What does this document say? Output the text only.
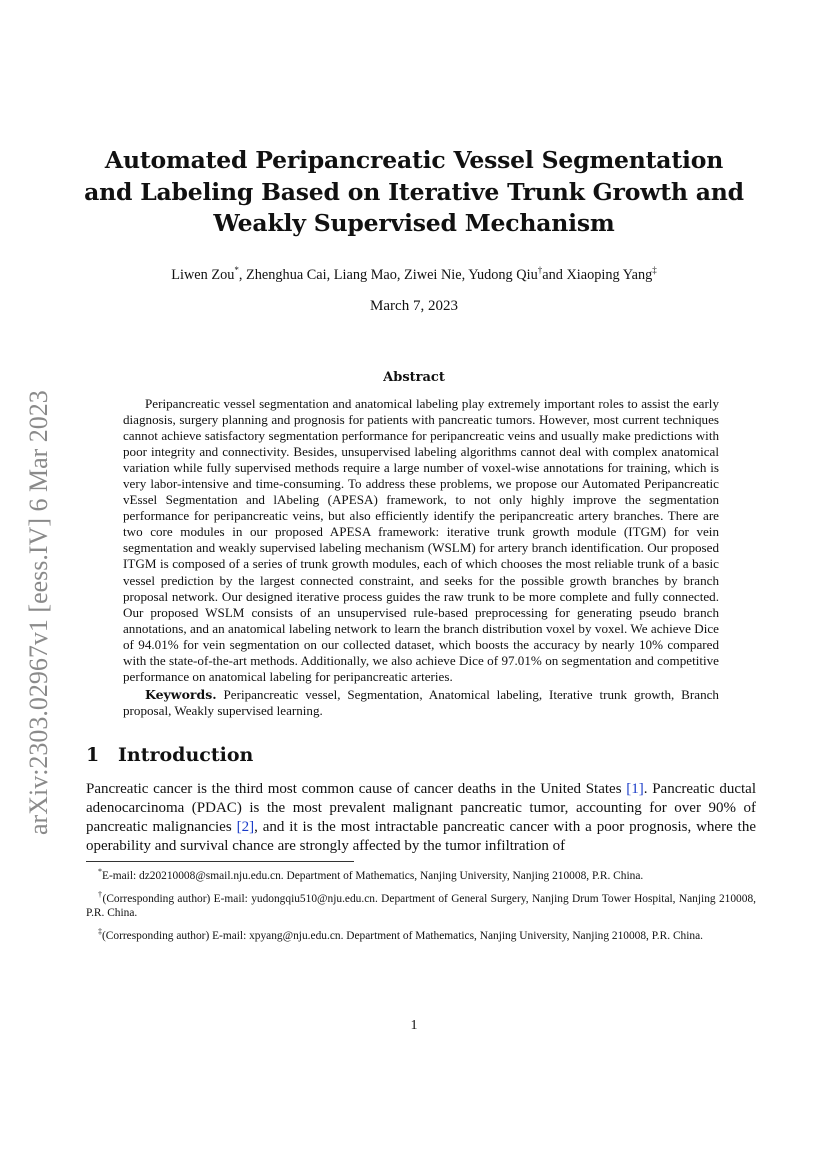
arXiv:2303.02967v1 [eess.IV] 6 Mar 2023
Automated Peripancreatic Vessel Segmentation and Labeling Based on Iterative Trunk Growth and Weakly Supervised Mechanism
Liwen Zou*, Zhenghua Cai, Liang Mao, Ziwei Nie, Yudong Qiu†and Xiaoping Yang‡
March 7, 2023
Abstract
Peripancreatic vessel segmentation and anatomical labeling play extremely important roles to assist the early diagnosis, surgery planning and prognosis for patients with pancreatic tumors. However, most current techniques cannot achieve satisfactory segmentation performance for peripancreatic veins and usually make predictions with poor integrity and connectivity. Besides, unsupervised labeling algorithms cannot deal with complex anatomical variation while fully supervised methods require a large number of voxel-wise annotations for training, which is very labor-intensive and time-consuming. To address these problems, we propose our Automated Peripancreatic vEssel Segmentation and lAbeling (APESA) framework, to not only highly improve the segmentation performance for peripancreatic veins, but also efficiently identify the peripancreatic artery branches. There are two core modules in our proposed APESA framework: iterative trunk growth module (ITGM) for vein segmentation and weakly supervised labeling mechanism (WSLM) for artery branch identification. Our proposed ITGM is composed of a series of trunk growth modules, each of which chooses the most reliable trunk of a basic vessel prediction by the largest connected constraint, and seeks for the possible growth branches by branch proposal network. Our designed iterative process guides the raw trunk to be more complete and fully connected. Our proposed WSLM consists of an unsupervised rule-based preprocessing for generating pseudo branch annotations, and an anatomical labeling network to learn the branch distribution voxel by voxel. We achieve Dice of 94.01% for vein segmentation on our collected dataset, which boosts the accuracy by nearly 10% compared with the state-of-the-art methods. Additionally, we also achieve Dice of 97.01% on segmentation and competitive performance on anatomical labeling for peripancreatic arteries.
Keywords. Peripancreatic vessel, Segmentation, Anatomical labeling, Iterative trunk growth, Branch proposal, Weakly supervised learning.
1 Introduction
Pancreatic cancer is the third most common cause of cancer deaths in the United States [1]. Pancreatic ductal adenocarcinoma (PDAC) is the most prevalent malignant pancreatic tumor, accounting for over 90% of pancreatic malignancies [2], and it is the most intractable pancreatic cancer with a poor prognosis, where the operability and survival chance are strongly affected by the tumor infiltration of

*E-mail: dz20210008@smail.nju.edu.cn. Department of Mathematics, Nanjing University, Nanjing 210008, P.R. China.

†(Corresponding author) E-mail: yudongqiu510@nju.edu.cn. Department of General Surgery, Nanjing Drum Tower Hospital, Nanjing 210008, P.R. China.

‡(Corresponding author) E-mail: xpyang@nju.edu.cn. Department of Mathematics, Nanjing University, Nanjing 210008, P.R. China.

1
